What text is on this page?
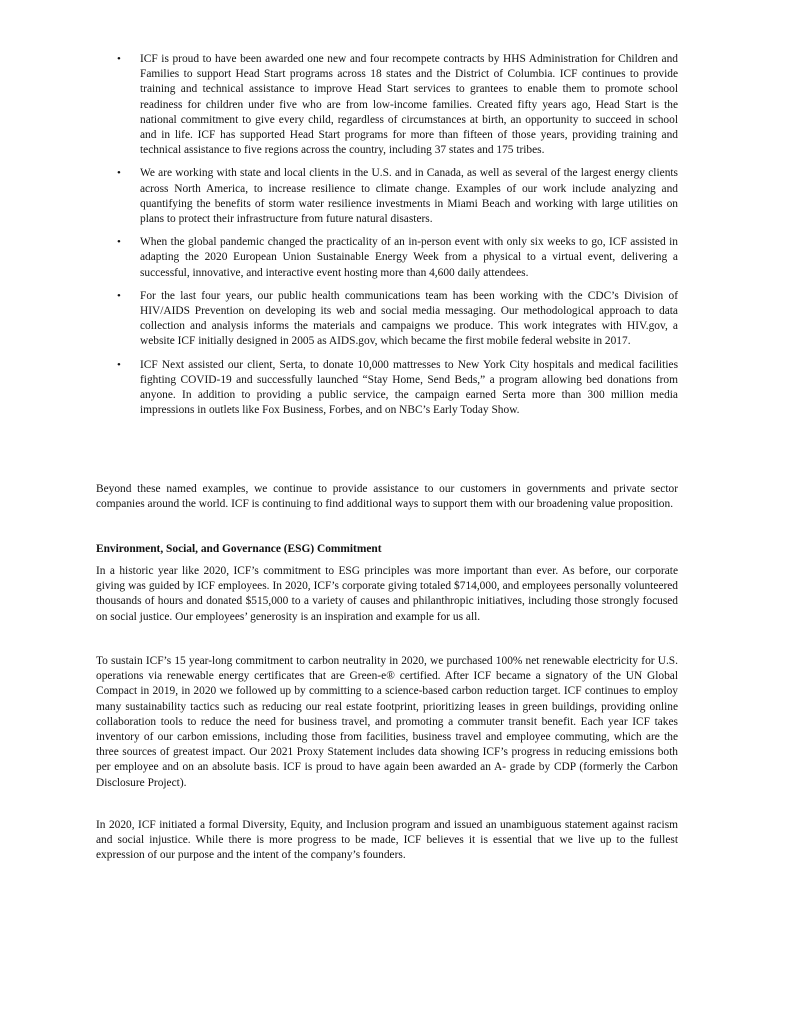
• ICF is proud to have been awarded one new and four recompete contracts by HHS Administration for Children and Families to support Head Start programs across 18 states and the District of Columbia. ICF continues to provide training and technical assistance to improve Head Start services to grantees to enable them to promote school readiness for children under five who are from low-income families. Created fifty years ago, Head Start is the national commitment to give every child, regardless of circumstances at birth, an opportunity to succeed in school and in life. ICF has supported Head Start programs for more than fifteen of those years, providing training and technical assistance to five regions across the country, including 37 states and 175 tribes.
• We are working with state and local clients in the U.S. and in Canada, as well as several of the largest energy clients across North America, to increase resilience to climate change. Examples of our work include analyzing and quantifying the benefits of storm water resilience investments in Miami Beach and working with large utilities on plans to protect their infrastructure from future natural disasters.
• When the global pandemic changed the practicality of an in-person event with only six weeks to go, ICF assisted in adapting the 2020 European Union Sustainable Energy Week from a physical to a virtual event, delivering a successful, innovative, and interactive event hosting more than 4,600 daily attendees.
• For the last four years, our public health communications team has been working with the CDC’s Division of HIV/AIDS Prevention on developing its web and social media messaging. Our methodological approach to data collection and analysis informs the materials and campaigns we produce. This work integrates with HIV.gov, a website ICF initially designed in 2005 as AIDS.gov, which became the first mobile federal website in 2017.
• ICF Next assisted our client, Serta, to donate 10,000 mattresses to New York City hospitals and medical facilities fighting COVID-19 and successfully launched “Stay Home, Send Beds,” a program allowing bed donations from anyone. In addition to providing a public service, the campaign earned Serta more than 300 million media impressions in outlets like Fox Business, Forbes, and on NBC’s Early Today Show.

Beyond these named examples, we continue to provide assistance to our customers in governments and private sector companies around the world. ICF is continuing to find additional ways to support them with our broadening value proposition.

Environment, Social, and Governance (ESG) Commitment

In a historic year like 2020, ICF’s commitment to ESG principles was more important than ever. As before, our corporate giving was guided by ICF employees. In 2020, ICF’s corporate giving totaled $714,000, and employees personally volunteered thousands of hours and donated $515,000 to a variety of causes and philanthropic initiatives, including those strongly focused on social justice. Our employees’ generosity is an inspiration and example for us all.

To sustain ICF’s 15 year-long commitment to carbon neutrality in 2020, we purchased 100% net renewable electricity for U.S. operations via renewable energy certificates that are Green-e® certified. After ICF became a signatory of the UN Global Compact in 2019, in 2020 we followed up by committing to a science-based carbon reduction target. ICF continues to employ many sustainability tactics such as reducing our real estate footprint, prioritizing leases in green buildings, providing online collaboration tools to reduce the need for business travel, and promoting a commuter transit benefit. Each year ICF takes inventory of our carbon emissions, including those from facilities, business travel and employee commuting, which are the three sources of greatest impact. Our 2021 Proxy Statement includes data showing ICF’s progress in reducing emissions both per employee and on an absolute basis. ICF is proud to have again been awarded an A- grade by CDP (formerly the Carbon Disclosure Project).

In 2020, ICF initiated a formal Diversity, Equity, and Inclusion program and issued an unambiguous statement against racism and social injustice. While there is more progress to be made, ICF believes it is essential that we live up to the fullest expression of our purpose and the intent of the company’s founders.
